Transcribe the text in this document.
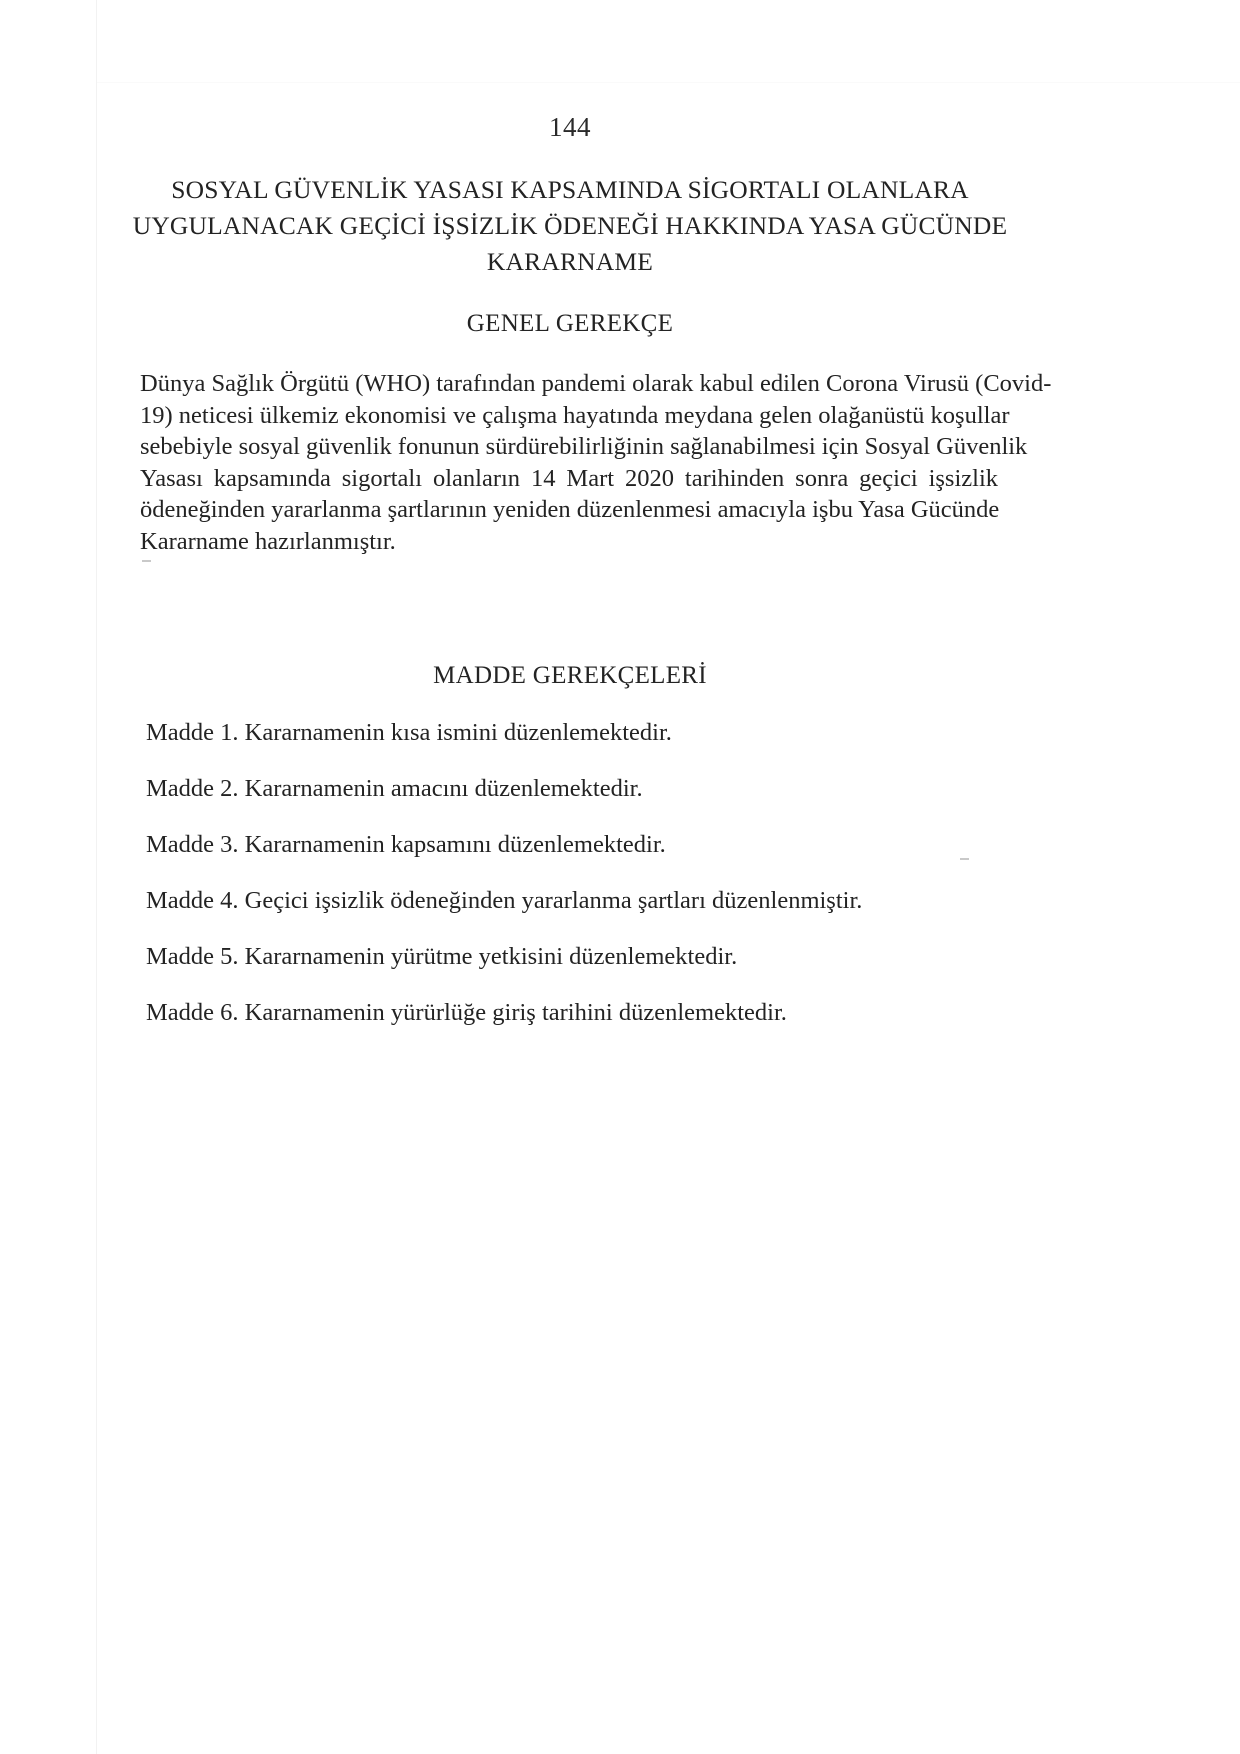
144
SOSYAL GÜVENLİK YASASI KAPSAMINDA SİGORTALI OLANLARA
UYGULANACAK GEÇİCİ İŞSİZLİK ÖDENEĞİ HAKKINDA YASA GÜCÜNDE
KARARNAME
GENEL GEREKÇE
Dünya Sağlık Örgütü (WHO) tarafından pandemi olarak kabul edilen Corona Virusü (Covid-
19) neticesi ülkemiz ekonomisi ve çalışma hayatında meydana gelen olağanüstü koşullar
sebebiyle sosyal güvenlik fonunun sürdürebilirliğinin sağlanabilmesi için Sosyal Güvenlik
Yasası kapsamında sigortalı olanların 14 Mart 2020 tarihinden sonra geçici işsizlik
ödeneğinden yararlanma şartlarının yeniden düzenlenmesi amacıyla işbu Yasa Gücünde
Kararname hazırlanmıştır.
MADDE GEREKÇELERİ
Madde 1. Kararnamenin kısa ismini düzenlemektedir.
Madde 2. Kararnamenin amacını düzenlemektedir.
Madde 3. Kararnamenin kapsamını düzenlemektedir.
Madde 4. Geçici işsizlik ödeneğinden yararlanma şartları düzenlenmiştir.
Madde 5. Kararnamenin yürütme yetkisini düzenlemektedir.
Madde 6. Kararnamenin yürürlüğe giriş tarihini düzenlemektedir.
